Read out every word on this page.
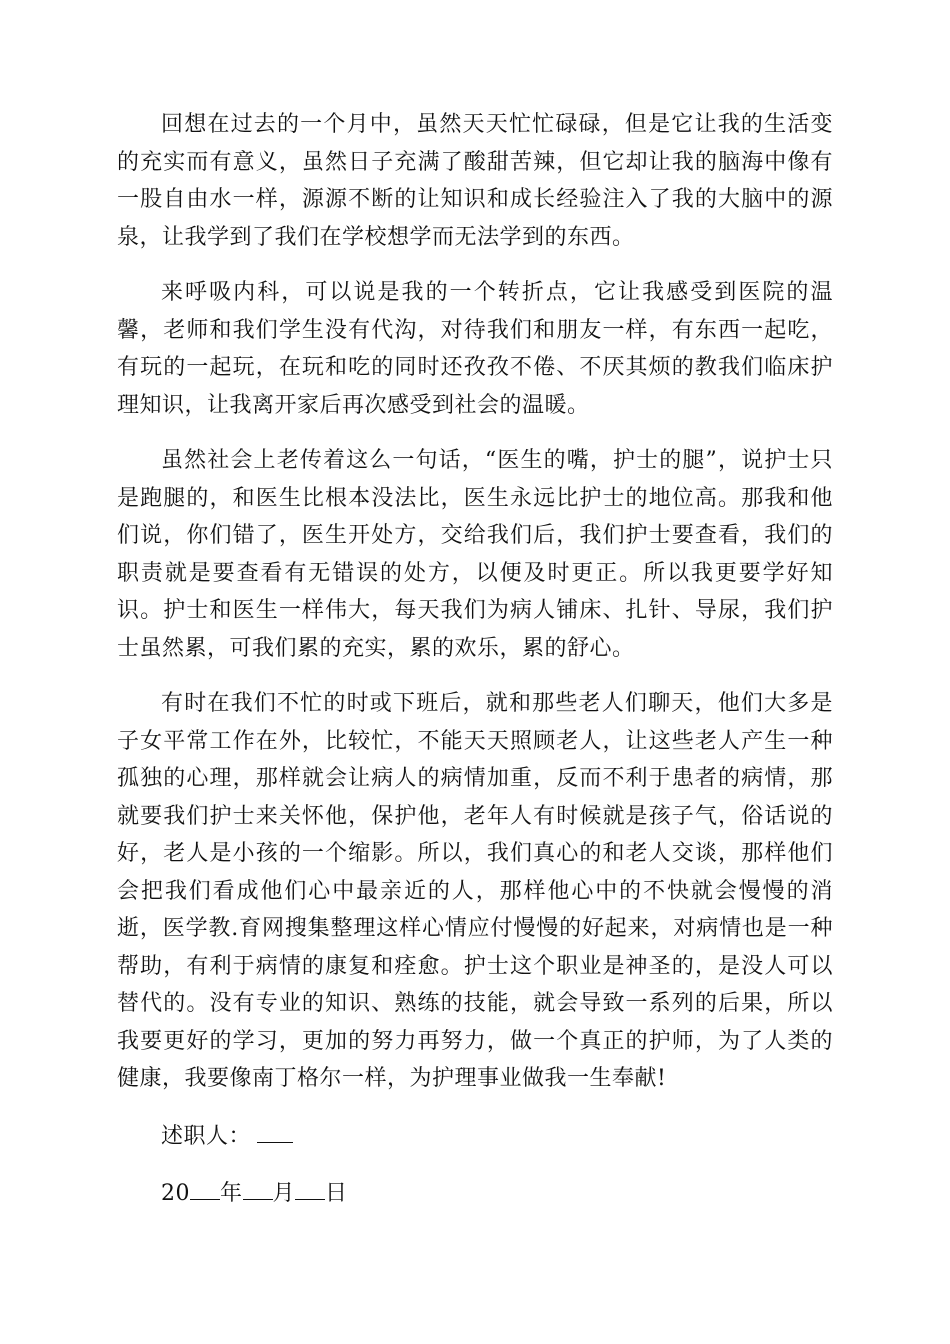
回想在过去的一个月中，虽然天天忙忙碌碌，但是它让我的生活变的充实而有意义，虽然日子充满了酸甜苦辣，但它却让我的脑海中像有一股自由水一样，源源不断的让知识和成长经验注入了我的大脑中的源泉，让我学到了我们在学校想学而无法学到的东西。

来呼吸内科，可以说是我的一个转折点，它让我感受到医院的温馨，老师和我们学生没有代沟，对待我们和朋友一样，有东西一起吃，有玩的一起玩，在玩和吃的同时还孜孜不倦、不厌其烦的教我们临床护理知识，让我离开家后再次感受到社会的温暖。

虽然社会上老传着这么一句话，“医生的嘴，护士的腿”，说护士只是跑腿的，和医生比根本没法比，医生永远比护士的地位高。那我和他们说，你们错了，医生开处方，交给我们后，我们护士要查看，我们的职责就是要查看有无错误的处方，以便及时更正。所以我更要学好知识。护士和医生一样伟大，每天我们为病人铺床、扎针、导尿，我们护士虽然累，可我们累的充实，累的欢乐，累的舒心。

有时在我们不忙的时或下班后，就和那些老人们聊天，他们大多是子女平常工作在外，比较忙，不能天天照顾老人，让这些老人产生一种孤独的心理，那样就会让病人的病情加重，反而不利于患者的病情，那就要我们护士来关怀他，保护他，老年人有时候就是孩子气，俗话说的好，老人是小孩的一个缩影。所以，我们真心的和老人交谈，那样他们会把我们看成他们心中最亲近的人，那样他心中的不快就会慢慢的消逝，医学教.育网搜集整理这样心情应付慢慢的好起来，对病情也是一种帮助，有利于病情的康复和痊愈。护士这个职业是神圣的，是没人可以替代的。没有专业的知识、熟练的技能，就会导致一系列的后果，所以我要更好的学习，更加的努力再努力，做一个真正的护师，为了人类的健康，我要像南丁格尔一样，为护理事业做我一生奉献!

述职人：
20 年 月 日
